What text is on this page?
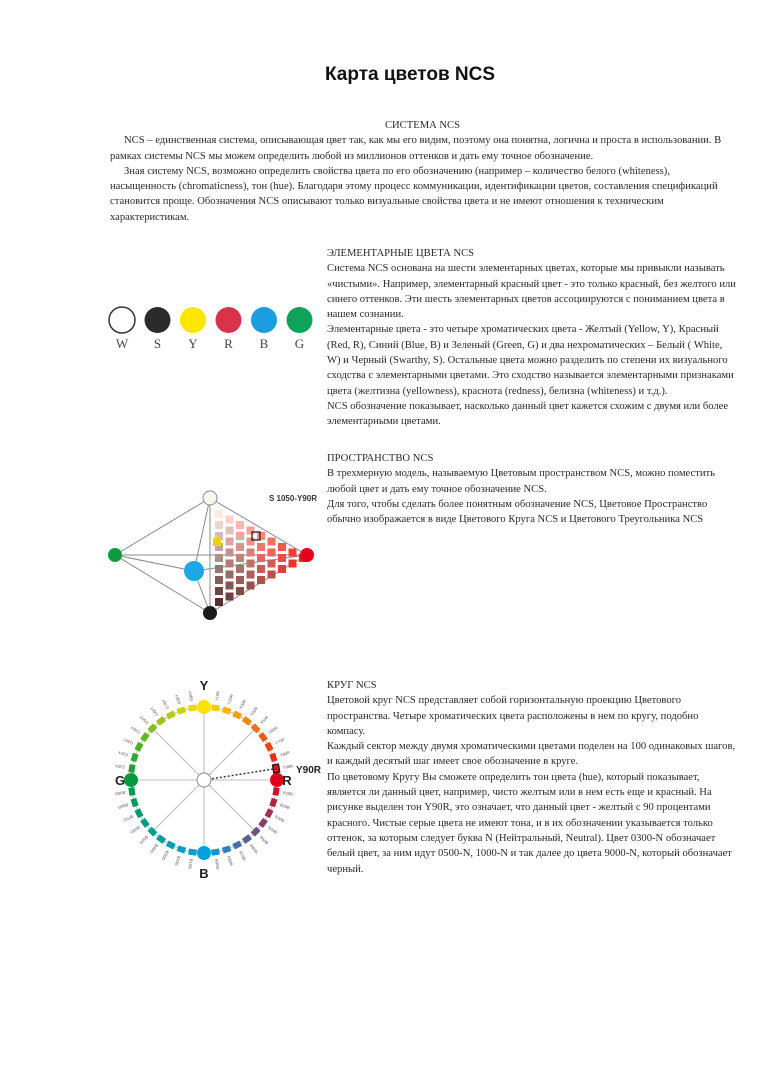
Карта цветов NCS

СИСТЕМА NCS

NCS – единственная система, описывающая цвет так, как мы его видим, поэтому она понятна, логична и проста в использовании. В рамках системы NCS мы можем определить любой из миллионов оттенков и дать ему точное обозначение.

Зная систему NCS, возможно определить свойства цвета по его обозначению (например – количество белого (whiteness), насыщенность (chromaticness), тон (hue). Благодаря этому процесс коммуникации, идентификации цветов, составления спецификаций становится проще. Обозначения NCS описывают только визуальные свойства цвета и не имеют отношения к техническим характеристикам.

W S Y R B G

ЭЛЕМЕНТАРНЫЕ ЦВЕТА NCS

Система NCS основана на шести элементарных цветах, которые мы привыкли называть «чистыми». Например, элементарный красный цвет - это только красный, без желтого или синего оттенков. Эти шесть элементарных цветов ассоциируются с пониманием цвета в нашем сознании.

Элементарные цвета - это четыре хроматических цвета - Желтый (Yellow, Y), Красный (Red, R), Синий (Blue, B) и Зеленый (Green, G) и два нехроматических – Белый ( White, W) и Черный (Swarthy, S). Остальные цвета можно разделить по степени их визуального сходства с элементарными цветами. Это сходство называется элементарными признаками цвета (желтизна (yellowness), краснота (redness), белизна (whiteness) и т.д.).

NCS обозначение показывает, насколько данный цвет кажется схожим с двумя или более элементарными цветами.

S 1050-Y90R

ПРОСТРАНСТВО NCS

В трехмерную модель, называемую Цветовым пространством NCS, можно поместить любой цвет и дать ему точное обозначение NCS.

Для того, чтобы сделать более понятным обозначение NCS, Цветовое Пространство обычно изображается в виде Цветового Круга NCS и Цветового Треугольника NCS

Y10R Y20R Y30R
Y40R
Y50R
Y60R
Y70R
Y80R
Y90R
R10B
R20B
R30B
R40B
R50B
R60B
R70B
R80B
R90B
B10G
B20G
B30G
B40G
B50G
B60G
B70G
B80G
B90G
G10Y
G20Y
G30Y
G40Y
G50Y
G60Y
G70Y G80Y G90Y
Y90R
Y
R
B
G

КРУГ NCS

Цветовой круг NCS представляет собой горизонтальную проекцию Цветового пространства. Четыре хроматических цвета расположены в нем по кругу, подобно компасу.

Каждый сектор между двумя хроматическими цветами поделен на 100 одинаковых шагов, и каждый десятый шаг имеет свое обозначение в круге.

По цветовому Кругу Вы сможете определить тон цвета (hue), который показывает, является ли данный цвет, например, чисто желтым или в нем есть еще и красный. На рисунке выделен тон Y90R, это означает, что данный цвет - желтый с 90 процентами красного. Чистые серые цвета не имеют тона, и в их обозначении указывается только оттенок, за которым следует буква N (Нейтральный, Neutral). Цвет 0300-N обозначает белый цвет, за ним идут 0500-N, 1000-N и так далее до цвета 9000-N, который обозначает черный.
